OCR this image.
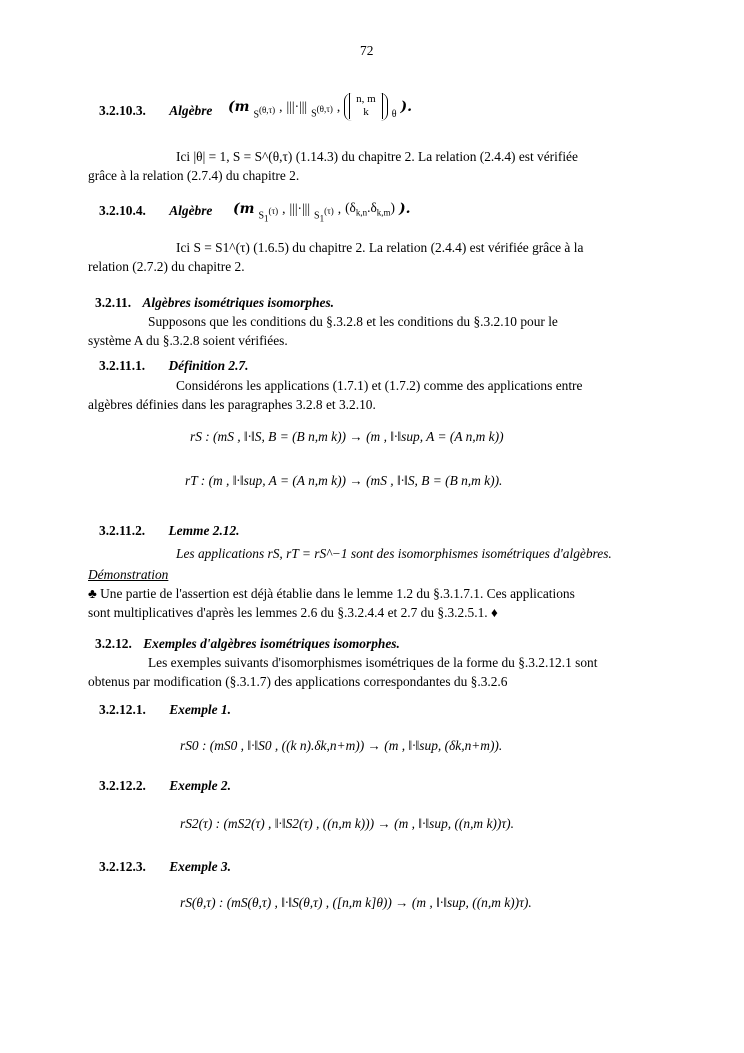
72
3.2.10.3. Algèbre (m
$S^{(\theta,\tau)}$ , |||·|||
$S^{(\theta,\tau)}$ , n, m
k θ ).
Ici |θ| = 1, S = S^(θ,τ) (1.14.3) du chapitre 2. La relation (2.4.4) est vérifiée
grâce à la relation (2.7.4) du chapitre 2.
3.2.10.4. Algèbre (m $S_1^{(\tau)}$ , |||·|||
$S_1^{(\tau)}$ , $(\delta_{k,n}.\delta_{k,m})$ ).
Ici S = S1^(τ) (1.6.5) du chapitre 2. La relation (2.4.4) est vérifiée grâce à la
relation (2.7.2) du chapitre 2.
3.2.11. Algèbres isométriques isomorphes.
Supposons que les conditions du §.3.2.8 et les conditions du §.3.2.10 pour le
système A du §.3.2.8 soient vérifiées.
3.2.11.1. Définition 2.7.
Considérons les applications (1.7.1) et (1.7.2) comme des applications entre
algèbres définies dans les paragraphes 3.2.8 et 3.2.10.
rS : (mS , ‖·‖S, B = (B n,m k)) → (m , ‖·‖sup, A = (A n,m k))
rT : (m , ‖·‖sup, A = (A n,m k)) → (mS , ‖·‖S, B = (B n,m k)).
3.2.11.2. Lemme 2.12.
Les applications rS, rT = rS^−1 sont des isomorphismes isométriques d'algèbres.
Démonstration
♣ Une partie de l'assertion est déjà établie dans le lemme 1.2 du §.3.1.7.1. Ces applications
sont multiplicatives d'après les lemmes 2.6 du §.3.2.4.4 et 2.7 du §.3.2.5.1. ♦
3.2.12. Exemples d'algèbres isométriques isomorphes.
Les exemples suivants d'isomorphismes isométriques de la forme du §.3.2.12.1 sont
obtenus par modification (§.3.1.7) des applications correspondantes du §.3.2.6
3.2.12.1. Exemple 1.
rS0 : (mS0 , ‖·‖S0 , ((k n).δk,n+m)) → (m , ‖·‖sup, (δk,n+m)).
3.2.12.2. Exemple 2.
rS2(τ) : (mS2(τ) , ‖·‖S2(τ) , ((n,m k))) → (m , ‖·‖sup, ((n,m k))τ).
3.2.12.3. Exemple 3.
rS(θ,τ) : (mS(θ,τ) , ‖·‖S(θ,τ) , ([n,m k]θ)) → (m , ‖·‖sup, ((n,m k))τ).
